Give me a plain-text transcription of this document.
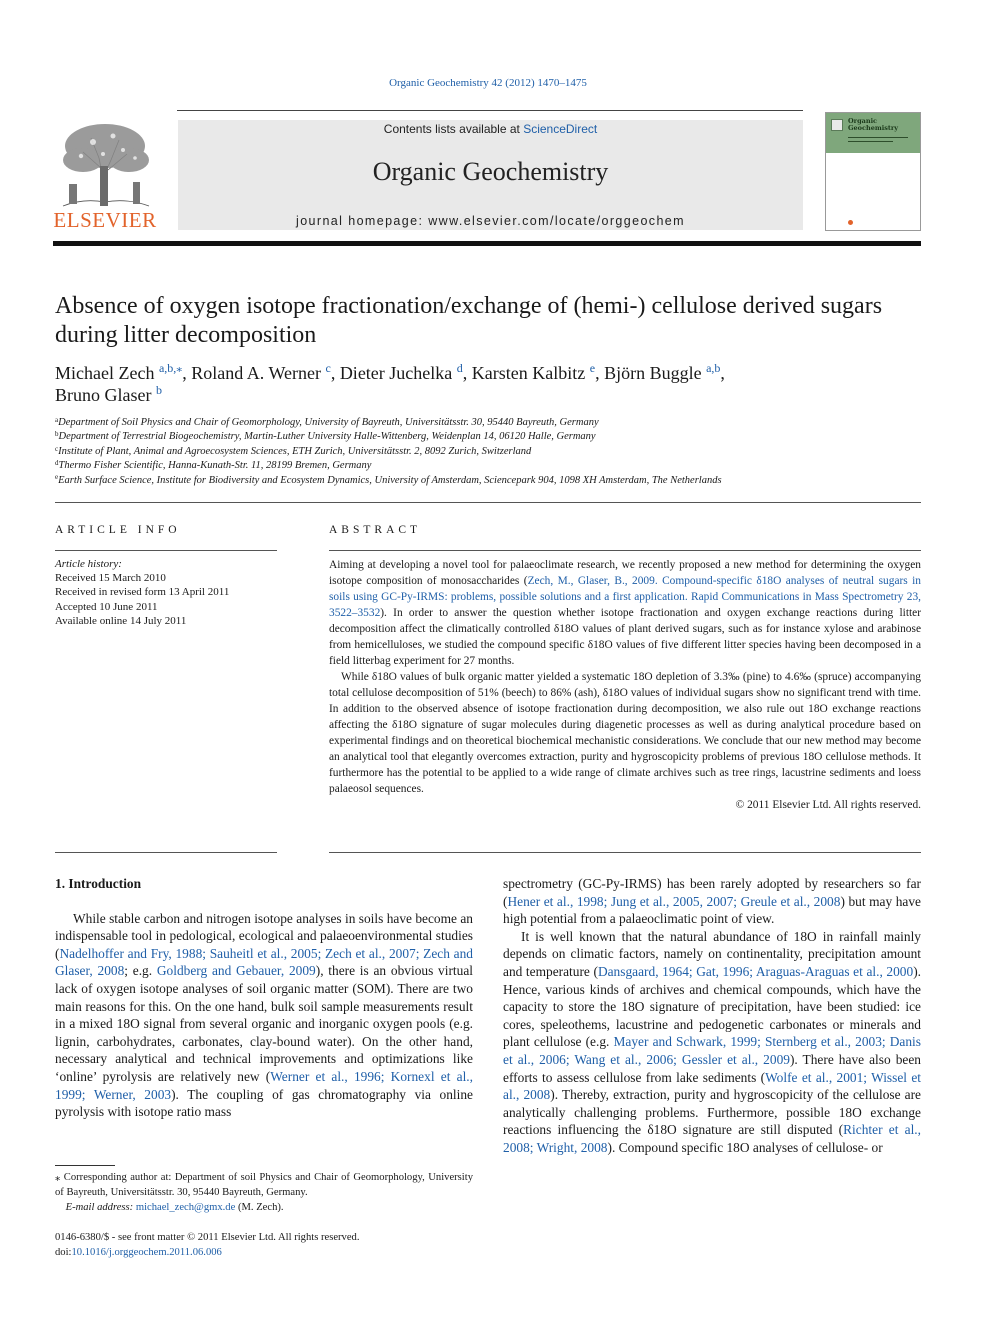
Organic Geochemistry 42 (2012) 1470–1475
ELSEVIER
Contents lists available at ScienceDirect
Organic Geochemistry
journal homepage: www.elsevier.com/locate/orggeochem
Organic Geochemistry
Absence of oxygen isotope fractionation/exchange of (hemi-) cellulose derived sugars during litter decomposition
Michael Zech $^{a,b,⁎}$, Roland A. Werner $^c$, Dieter Juchelka $^d$, Karsten Kalbitz $^e$, Björn Buggle $^{a,b}$,
Bruno Glaser $^b$
$^a$Department of Soil Physics and Chair of Geomorphology, University of Bayreuth, Universitätsstr. 30, 95440 Bayreuth, Germany
$^b$Department of Terrestrial Biogeochemistry, Martin-Luther University Halle-Wittenberg, Weidenplan 14, 06120 Halle, Germany
$^c$Institute of Plant, Animal and Agroecosystem Sciences, ETH Zurich, Universitätsstr. 2, 8092 Zurich, Switzerland
$^d$Thermo Fisher Scientific, Hanna-Kunath-Str. 11, 28199 Bremen, Germany
$^e$Earth Surface Science, Institute for Biodiversity and Ecosystem Dynamics, University of Amsterdam, Sciencepark 904, 1098 XH Amsterdam, The Netherlands
ARTICLE INFO	ABSTRACT
Article history:
Received 15 March 2010
Received in revised form 13 April 2011
Accepted 10 June 2011
Available online 14 July 2011

Aiming at developing a novel tool for palaeoclimate research, we recently proposed a new method for determining the oxygen isotope composition of monosaccharides (Zech, M., Glaser, B., 2009. Compound-specific δ18O analyses of neutral sugars in soils using GC-Py-IRMS: problems, possible solutions and a first application. Rapid Communications in Mass Spectrometry 23, 3522–3532). In order to answer the question whether isotope fractionation and oxygen exchange reactions during litter decomposition affect the climatically controlled δ18O values of plant derived sugars, such as for instance xylose and arabinose from hemicelluloses, we studied the compound specific δ18O values of five different litter species having been decomposed in a field litterbag experiment for 27 months.

While δ18O values of bulk organic matter yielded a systematic 18O depletion of 3.3‰ (pine) to 4.6‰ (spruce) accompanying total cellulose decomposition of 51% (beech) to 86% (ash), δ18O values of individual sugars show no significant trend with time. In addition to the observed absence of isotope fractionation during decomposition, we also rule out 18O exchange reactions affecting the δ18O signature of sugar molecules during diagenetic processes as well as during analytical procedure based on experimental findings and on theoretical biochemical mechanistic considerations. We conclude that our new method may become an analytical tool that elegantly overcomes extraction, purity and hygroscopicity problems of previous 18O cellulose methods. It furthermore has the potential to be applied to a wide range of climate archives such as tree rings, lacustrine sediments and loess palaeosol sequences.

© 2011 Elsevier Ltd. All rights reserved.

1. Introduction

While stable carbon and nitrogen isotope analyses in soils have become an indispensable tool in pedological, ecological and palaeoenvironmental studies (Nadelhoffer and Fry, 1988; Sauheitl et al., 2005; Zech et al., 2007; Zech and Glaser, 2008; e.g. Goldberg and Gebauer, 2009), there is an obvious virtual lack of oxygen isotope analyses of soil organic matter (SOM). There are two main reasons for this. On the one hand, bulk soil sample measurements result in a mixed 18O signal from several organic and inorganic oxygen pools (e.g. lignin, carbohydrates, carbonates, clay-bound water). On the other hand, necessary analytical and technical improvements and optimizations like ‘online’ pyrolysis are relatively new (Werner et al., 1996; Kornexl et al., 1999; Werner, 2003). The coupling of gas chromatography via online pyrolysis with isotope ratio mass

spectrometry (GC-Py-IRMS) has been rarely adopted by researchers so far (Hener et al., 1998; Jung et al., 2005, 2007; Greule et al., 2008) but may have high potential from a palaeoclimatic point of view.

It is well known that the natural abundance of 18O in rainfall mainly depends on climatic factors, namely on continentality, precipitation amount and temperature (Dansgaard, 1964; Gat, 1996; Araguas-Araguas et al., 2000). Hence, various kinds of archives and chemical compounds, which have the capacity to store the 18O signature of precipitation, have been studied: ice cores, speleothems, lacustrine and pedogenetic carbonates or minerals and plant cellulose (e.g. Mayer and Schwark, 1999; Sternberg et al., 2003; Danis et al., 2006; Wang et al., 2006; Gessler et al., 2009). There have also been efforts to assess cellulose from lake sediments (Wolfe et al., 2001; Wissel et al., 2008). Thereby, extraction, purity and hygroscopicity of the cellulose are analytically challenging problems. Furthermore, possible 18O exchange reactions influencing the δ18O signature are still disputed (Richter et al., 2008; Wright, 2008). Compound specific 18O analyses of cellulose- or

⁎ Corresponding author at: Department of soil Physics and Chair of Geomorphology, University of Bayreuth, Universitätsstr. 30, 95440 Bayreuth, Germany.
E-mail address: michael_zech@gmx.de (M. Zech).
0146-6380/$ - see front matter © 2011 Elsevier Ltd. All rights reserved.
doi:10.1016/j.orggeochem.2011.06.006
